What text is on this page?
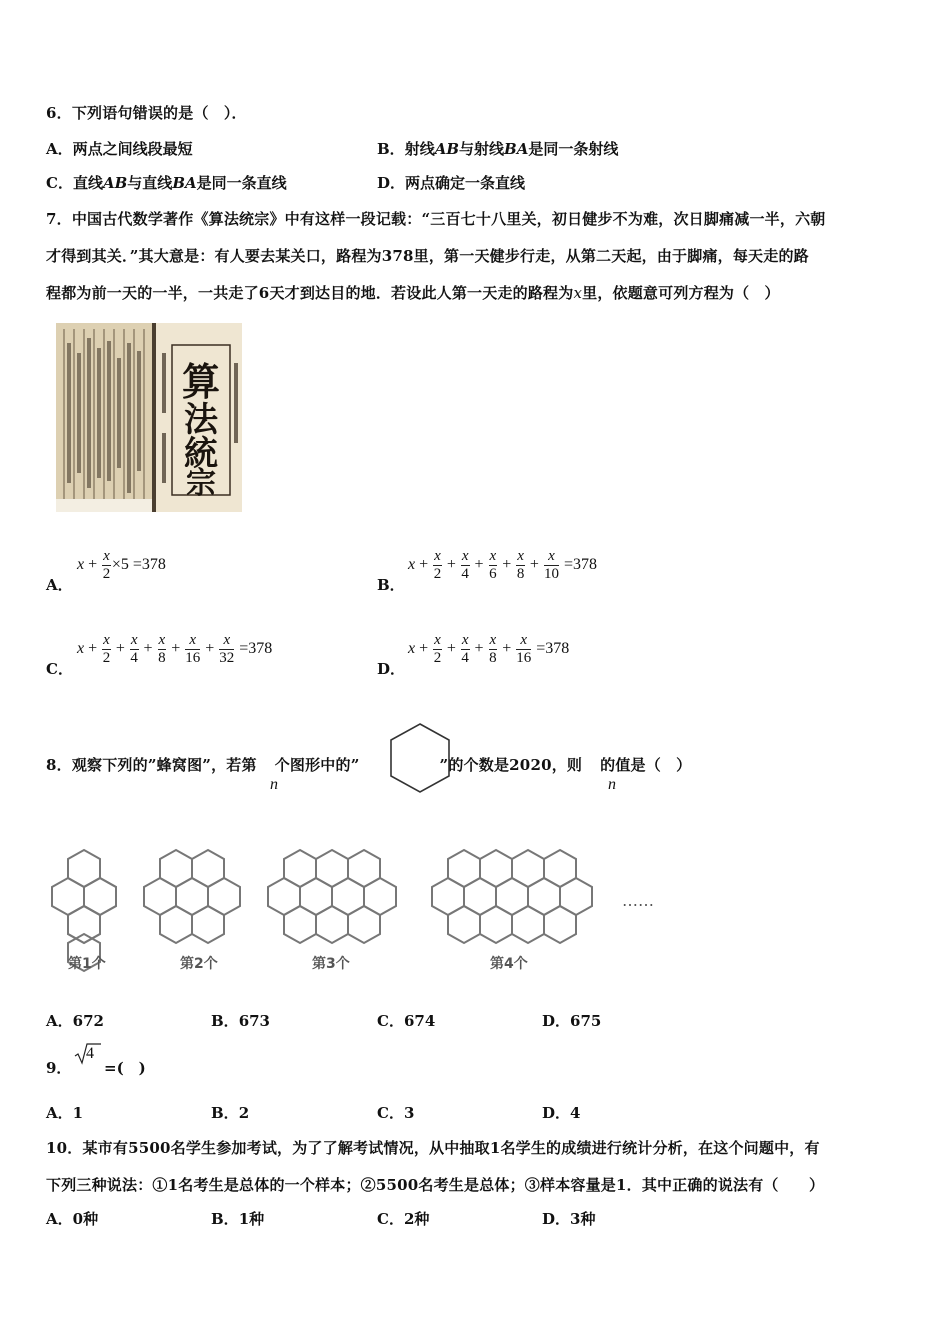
6．下列语句错误的是（　）．
A．两点之间线段最短	B．射线AB与射线BA是同一条射线
C．直线AB与直线BA是同一条直线	D．两点确定一条直线
7．中国古代数学著作《算法统宗》中有这样一段记载：“三百七十八里关，初日健步不为难，次日脚痛减一半，六朝
才得到其关．”其大意是：有人要去某关口，路程为378里，第一天健步行走，从第二天起，由于脚痛，每天走的路
程都为前一天的一半，一共走了6天才到达目的地．若设此人第一天走的路程为x里，依题意可列方程为（　）
算
法
統
宗
A．
$x + \frac{x}{2} \times 5 =378$
B．
$x + \frac{x}{2} + \frac{x}{4} + \frac{x}{6} + \frac{x}{8} + \frac{x}{10} =378$
C．
$x + \frac{x}{2} + \frac{x}{4} + \frac{x}{8} + \frac{x}{16} + \frac{x}{32} =378$
D．
$x + \frac{x}{2} + \frac{x}{4} + \frac{x}{8} + \frac{x}{16} =378$
8．观察下列的”蜂窝图”，若第 个图形中的”	”的个数是2020，则 的值是（　）
n	n
第1个	第2个	第3个	第4个
……
A．672	B．673	C．674	D．675
9．
4
=(　)
A．1	B．2	C．3	D．4
10．某市有5500名学生参加考试，为了了解考试情况，从中抽取1名学生的成绩进行统计分析，在这个问题中，有
下列三种说法：①1名考生是总体的一个样本；②5500名考生是总体；③样本容量是1．其中正确的说法有（　　）
A．0种	B．1种	C．2种	D．3种
